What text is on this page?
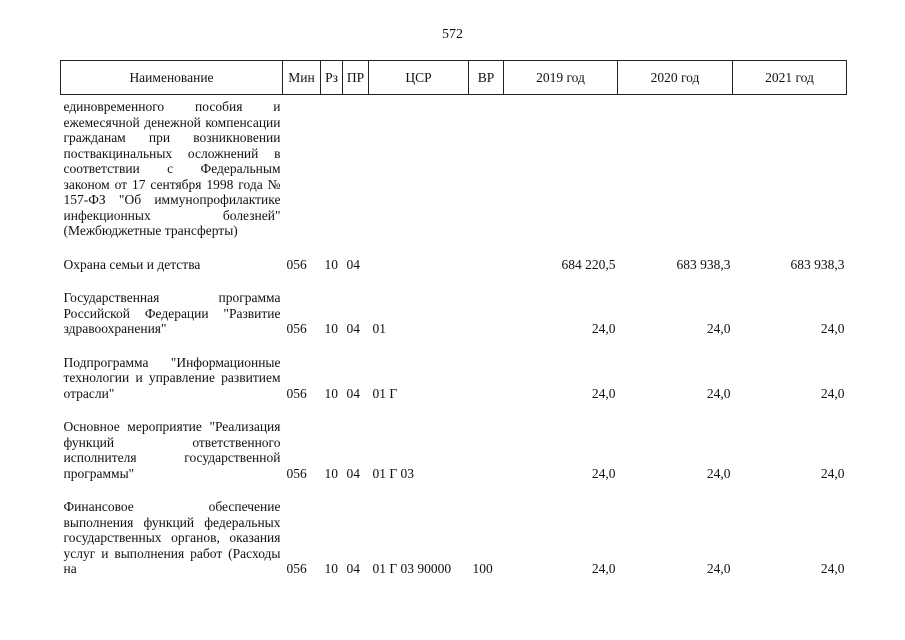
572
Наименование	Мин	Рз	ПР	ЦСР	ВР	2019 год	2020 год	2021 год
единовременного пособия и ежемесячной денежной компенсации гражданам при возникновении поствакцинальных осложнений в соответствии с Федеральным законом от 17 сентября 1998 года № 157-ФЗ "Об иммунопрофилактике инфекционных болезней" (Межбюджетные трансферты)								
Охрана семьи и детства	056	10	04			684 220,5	683 938,3	683 938,3
Государственная программа Российской Федерации "Развитие здравоохранения"	056	10	04	01		24,0	24,0	24,0
Подпрограмма "Информационные технологии и управление развитием отрасли"	056	10	04	01 Г		24,0	24,0	24,0
Основное мероприятие "Реализация функций ответственного исполнителя государственной программы"	056	10	04	01 Г 03		24,0	24,0	24,0
Финансовое обеспечение выполнения функций федеральных государственных органов, оказания услуг и выполнения работ (Расходы на	056	10	04	01 Г 03 90000	100	24,0	24,0	24,0
